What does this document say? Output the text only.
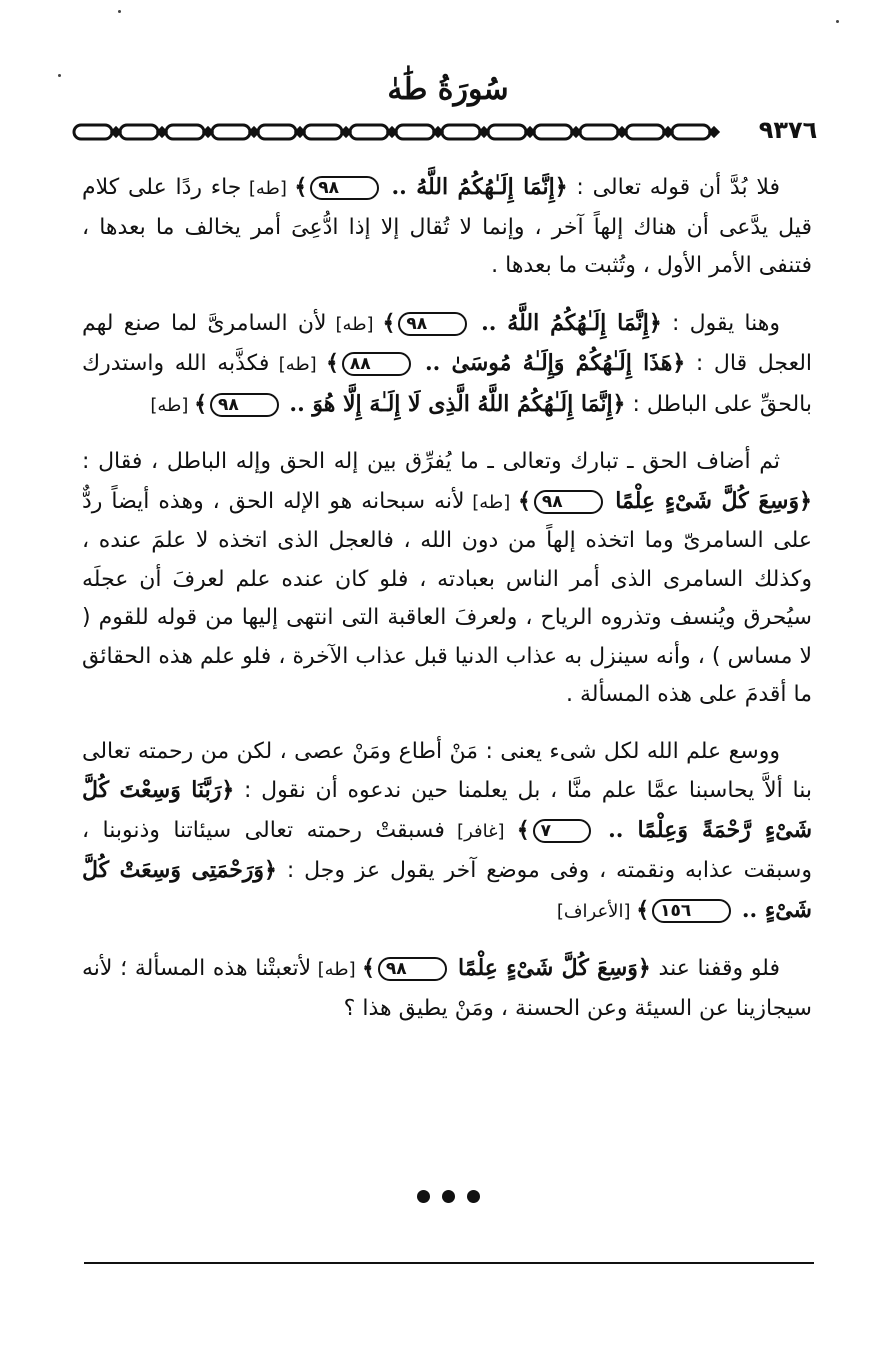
سُورَةُ طَٰهٰ
٩٣٧٦

فلا بُدَّ أن قوله تعالى : ﴿إِنَّمَا إِلَـٰهُكُمُ اللَّهُ .. ٩٨﴾ [طه] جاء ردًا على كلام قيل يدَّعى أن هناك إلهاً آخر ، وإنما لا تُقال إلا إذا ادُّعِىَ أمر يخالف ما بعدها ، فتنفى الأمر الأول ، وتُثبت ما بعدها .

وهنا يقول : ﴿إِنَّمَا إِلَـٰهُكُمُ اللَّهُ .. ٩٨﴾ [طه] لأن السامرىَّ لما صنع لهم العجل قال : ﴿هَذَا إِلَـٰهُكُمْ وَإِلَـٰهُ مُوسَىٰ .. ٨٨﴾ [طه] فكذَّبه الله واستدرك بالحقِّ على الباطل : ﴿إِنَّمَا إِلَـٰهُكُمُ اللَّهُ الَّذِى لَا إِلَـٰهَ إِلَّا هُوَ .. ٩٨﴾ [طه]

ثم أضاف الحق ـ تبارك وتعالى ـ ما يُفرِّق بين إله الحق وإله الباطل ، فقال : ﴿وَسِعَ كُلَّ شَىْءٍ عِلْمًا ٩٨﴾ [طه] لأنه سبحانه هو الإله الحق ، وهذه أيضاً ردٌّ على السامرىّ وما اتخذه إلهاً من دون الله ، فالعجل الذى اتخذه لا علمَ عنده ، وكذلك السامرى الذى أمر الناس بعبادته ، فلو كان عنده علم لعرفَ أن عجلَه سيُحرق ويُنسف وتذروه الرياح ، ولعرفَ العاقبة التى انتهى إليها من قوله للقوم ( لا مساس ) ، وأنه سينزل به عذاب الدنيا قبل عذاب الآخرة ، فلو علم هذه الحقائق ما أقدمَ على هذه المسألة .

ووسع علم الله لكل شىء يعنى : مَنْ أطاع ومَنْ عصى ، لكن من رحمته تعالى بنا ألاَّ يحاسبنا عمَّا علم منَّا ، بل يعلمنا حين ندعوه أن نقول : ﴿رَبَّنَا وَسِعْتَ كُلَّ شَىْءٍ رَّحْمَةً وَعِلْمًا .. ٧﴾ [غافر] فسبقتْ رحمته تعالى سيئاتنا وذنوبنا ، وسبقت عذابه ونقمته ، وفى موضع آخر يقول عز وجل : ﴿وَرَحْمَتِى وَسِعَتْ كُلَّ شَىْءٍ .. ١٥٦﴾ [الأعراف]

فلو وقفنا عند ﴿وَسِعَ كُلَّ شَىْءٍ عِلْمًا ٩٨﴾ [طه] لأتعبتْنا هذه المسألة ؛ لأنه سيجازينا عن السيئة وعن الحسنة ، ومَنْ يطيق هذا ؟
